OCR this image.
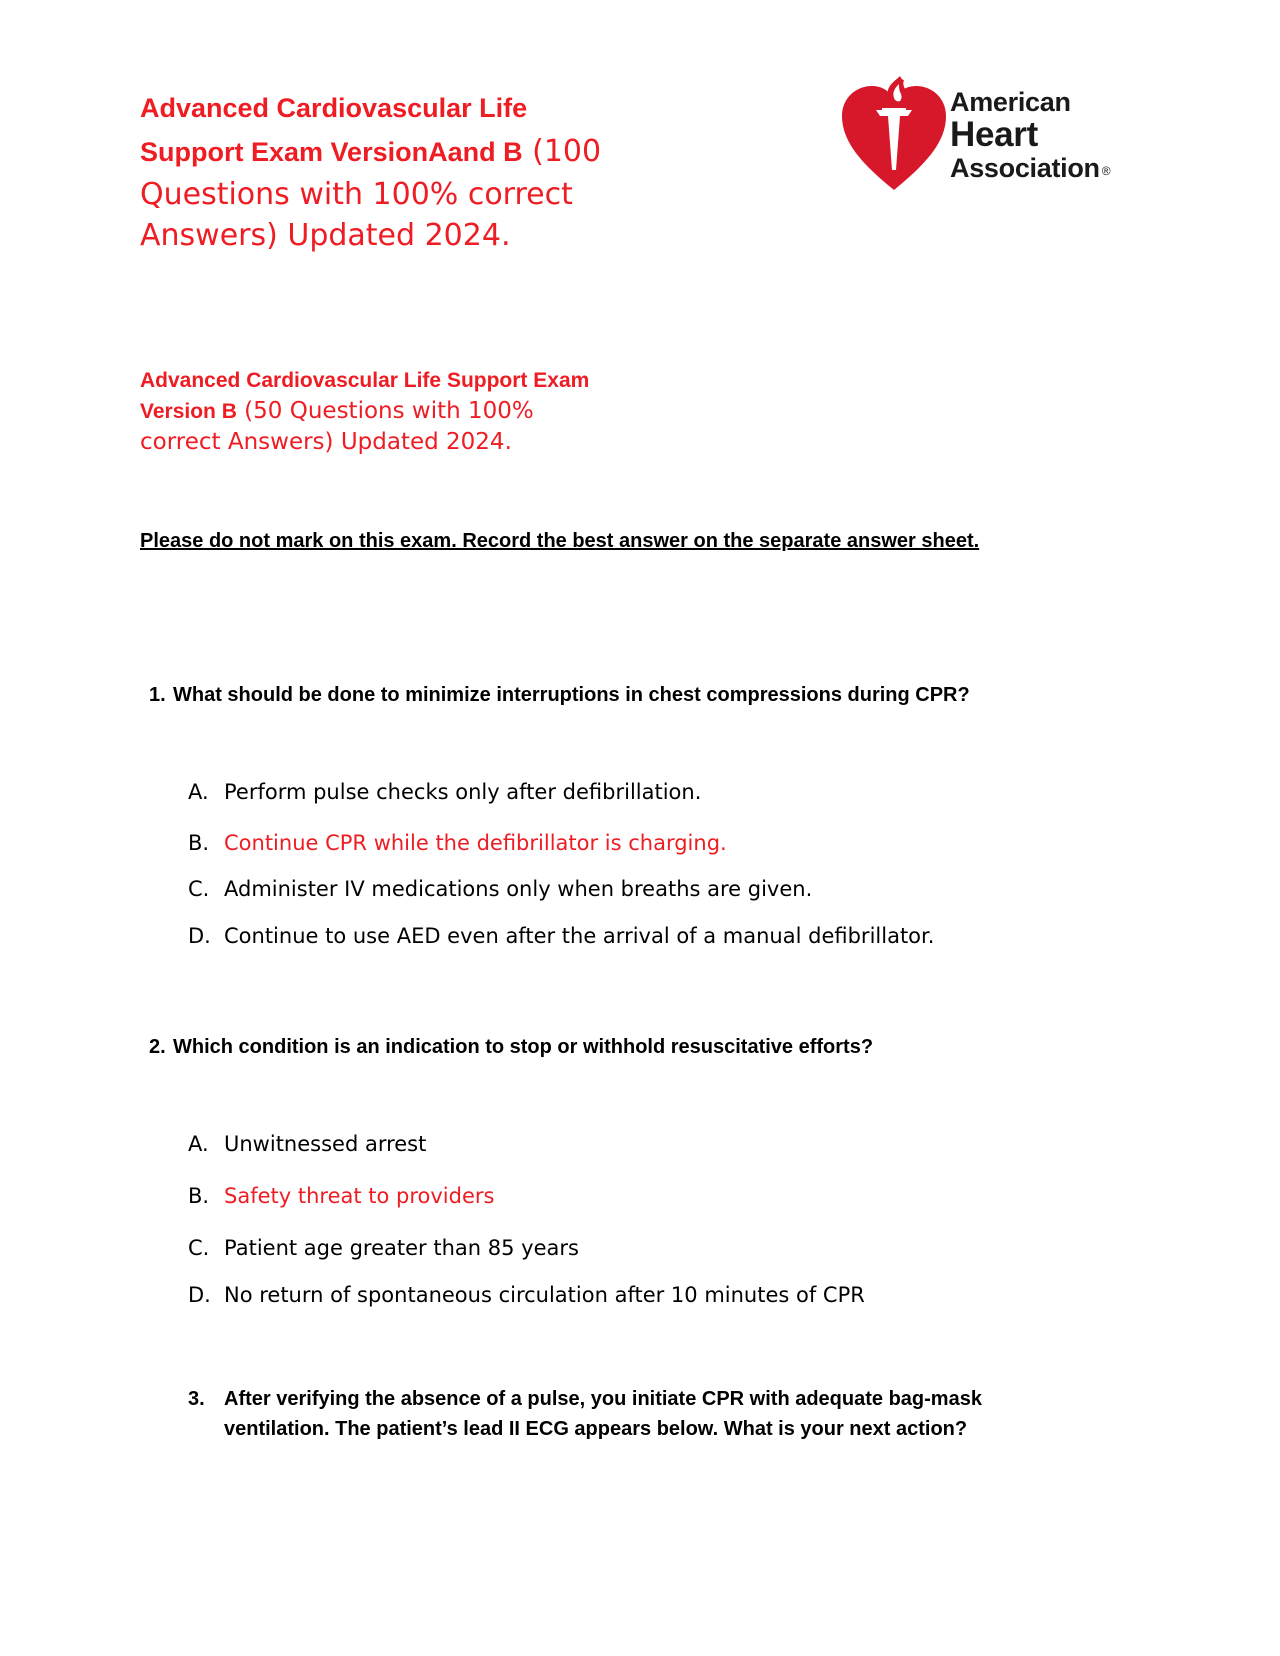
Advanced Cardiovascular Life
Support Exam VersionAand B (100
Questions with 100% correct
Answers) Updated 2024.
American
Heart
Association ®
Advanced Cardiovascular Life Support Exam
Version B (50 Questions with 100%
correct Answers) Updated 2024.
Please do not mark on this exam. Record the best answer on the separate answer sheet.
1. What should be done to minimize interruptions in chest compressions during CPR?
A. Perform pulse checks only after defibrillation.
B. Continue CPR while the defibrillator is charging.
C. Administer IV medications only when breaths are given.
D. Continue to use AED even after the arrival of a manual defibrillator.
2. Which condition is an indication to stop or withhold resuscitative efforts?
A. Unwitnessed arrest
B. Safety threat to providers
C. Patient age greater than 85 years
D. No return of spontaneous circulation after 10 minutes of CPR
3. After verifying the absence of a pulse, you initiate CPR with adequate bag-mask
ventilation. The patient’s lead II ECG appears below. What is your next action?
